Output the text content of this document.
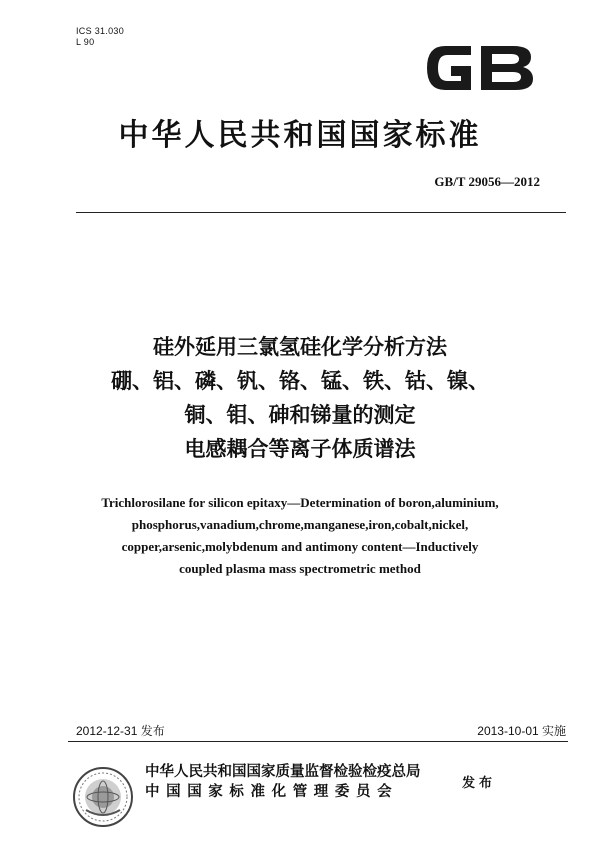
ICS 31.030
L 90
GB
中华人民共和国国家标准
GB/T 29056—2012
硅外延用三氯氢硅化学分析方法
硼、铝、磷、钒、铬、锰、铁、钴、镍、
铜、钼、砷和锑量的测定
电感耦合等离子体质谱法
Trichlorosilane for silicon epitaxy—Determination of boron,aluminium,
phosphorus,vanadium,chrome,manganese,iron,cobalt,nickel,
copper,arsenic,molybdenum and antimony content—Inductively
coupled plasma mass spectrometric method
2012-12-31 发布	2013-10-01 实施
中华人民共和国国家质量监督检验检疫总局
中国国家标准化管理委员会
发布
